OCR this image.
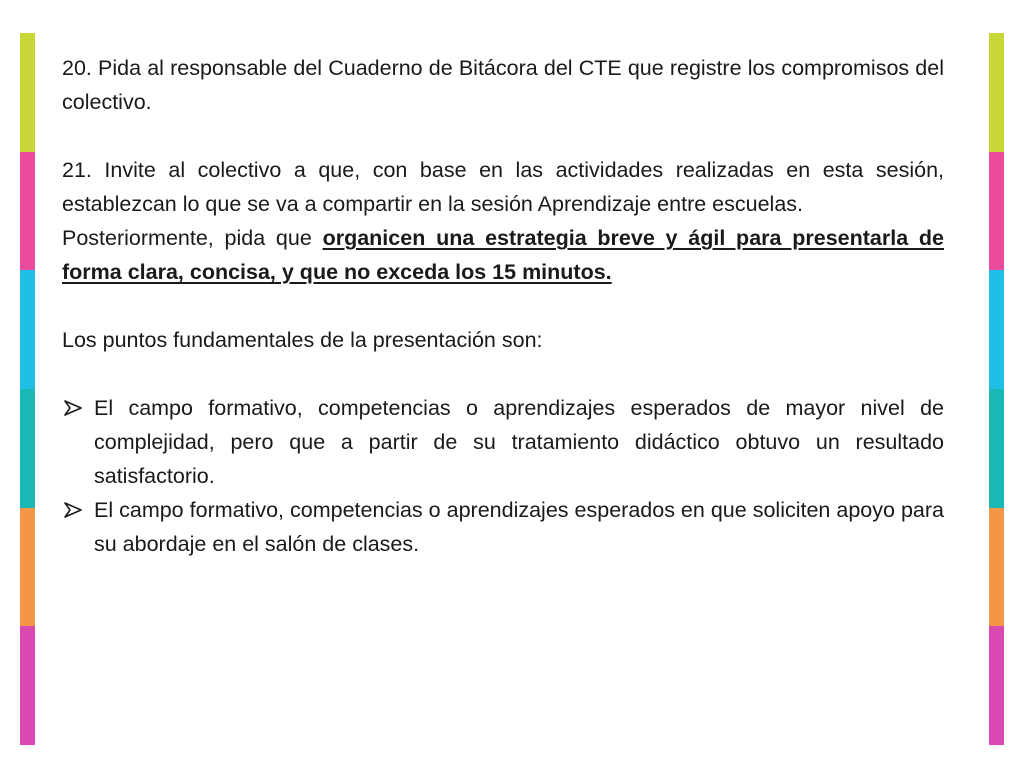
20. Pida al responsable del Cuaderno de Bitácora del CTE que registre los compromisos del colectivo.

21. Invite al colectivo a que, con base en las actividades realizadas en esta sesión, establezcan lo que se va a compartir en la sesión Aprendizaje entre escuelas.

Posteriormente, pida que organicen una estrategia breve y ágil para presentarla de forma clara, concisa, y que no exceda los 15 minutos.

Los puntos fundamentales de la presentación son:

El campo formativo, competencias o aprendizajes esperados de mayor nivel de complejidad, pero que a partir de su tratamiento didáctico obtuvo un resultado satisfactorio.
El campo formativo, competencias o aprendizajes esperados en que soliciten apoyo para su abordaje en el salón de clases.
